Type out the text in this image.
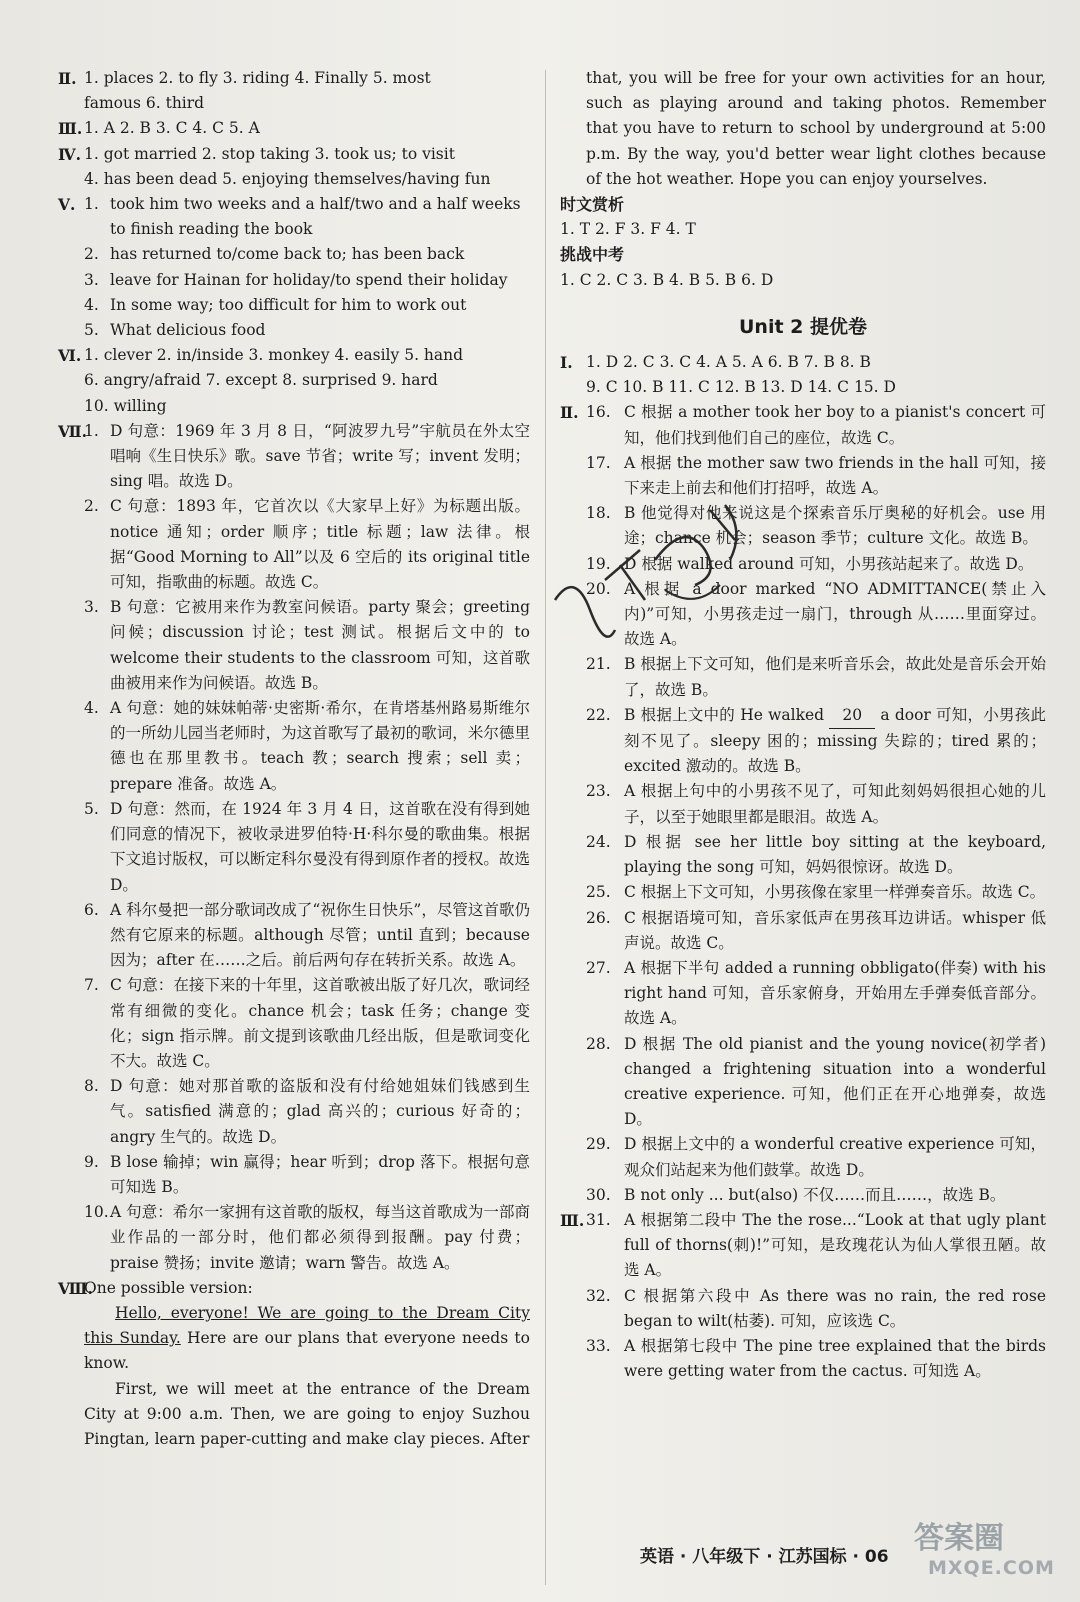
Ⅱ. 1. places 2. to fly 3. riding 4. Finally 5. most
famous 6. third
Ⅲ. 1. A 2. B 3. C 4. C 5. A
Ⅳ. 1. got married 2. stop taking 3. took us; to visit
4. has been dead 5. enjoying themselves/having fun
Ⅴ. 1. took him two weeks and a half/two and a half weeks
to finish reading the book
2. has returned to/come back to; has been back
3. leave for Hainan for holiday/to spend their holiday
4. In some way; too difficult for him to work out
5. What delicious food
Ⅵ. 1. clever 2. in/inside 3. monkey 4. easily 5. hand
6. angry/afraid 7. except 8. surprised 9. hard
10. willing
Ⅶ.
1. D 句意：1969 年 3 月 8 日，“阿波罗九号”宇航员在外太空唱响《生日快乐》歌。save 节省；write 写；invent 发明；sing 唱。故选 D。
2. C 句意：1893 年，它首次以《大家早上好》为标题出版。notice 通知；order 顺序；title 标题；law 法律。根据“Good Morning to All”以及 6 空后的 its original title 可知，指歌曲的标题。故选 C。
3. B 句意：它被用来作为教室问候语。party 聚会；greeting 问候；discussion 讨论；test 测试。根据后文中的 to welcome their students to the classroom 可知，这首歌曲被用来作为问候语。故选 B。
4. A 句意：她的妹妹帕蒂·史密斯·希尔，在肯塔基州路易斯维尔的一所幼儿园当老师时，为这首歌写了最初的歌词，米尔德里德也在那里教书。teach 教；search 搜索；sell 卖；prepare 准备。故选 A。
5. D 句意：然而，在 1924 年 3 月 4 日，这首歌在没有得到她们同意的情况下，被收录进罗伯特·H·科尔曼的歌曲集。根据下文追讨版权，可以断定科尔曼没有得到原作者的授权。故选 D。
6. A 科尔曼把一部分歌词改成了“祝你生日快乐”，尽管这首歌仍然有它原来的标题。although 尽管；until 直到；because 因为；after 在……之后。前后两句存在转折关系。故选 A。
7. C 句意：在接下来的十年里，这首歌被出版了好几次，歌词经常有细微的变化。chance 机会；task 任务；change 变化；sign 指示牌。前文提到该歌曲几经出版，但是歌词变化不大。故选 C。
8. D 句意：她对那首歌的盗版和没有付给她姐妹们钱感到生气。satisfied 满意的；glad 高兴的；curious 好奇的；angry 生气的。故选 D。
9. B lose 输掉；win 赢得；hear 听到；drop 落下。根据句意可知选 B。
10. A 句意：希尔一家拥有这首歌的版权，每当这首歌成为一部商业作品的一部分时，他们都必须得到报酬。pay 付费；praise 赞扬；invite 邀请；warn 警告。故选 A。
Ⅷ.
One possible version:

Hello, everyone! We are going to the Dream City this Sunday. Here are our plans that everyone needs to know.

First, we will meet at the entrance of the Dream City at 9:00 a.m. Then, we are going to enjoy Suzhou Pingtan, learn paper-cutting and make clay pieces. After

that, you will be free for your own activities for an hour, such as playing around and taking photos. Remember that you have to return to school by underground at 5:00 p.m. By the way, you'd better wear light clothes because of the hot weather. Hope you can enjoy yourselves.
时文赏析
1. T 2. F 3. F 4. T
挑战中考
1. C 2. C 3. B 4. B 5. B 6. D
Unit 2 提优卷
Ⅰ. 1. D 2. C 3. C 4. A 5. A 6. B 7. B 8. B
9. C 10. B 11. C 12. B 13. D 14. C 15. D
Ⅱ. 16. C 根据 a mother took her boy to a pianist's concert 可知，他们找到他们自己的座位，故选 C。
17. A 根据 the mother saw two friends in the hall 可知，接下来走上前去和他们打招呼，故选 A。
18. B 他觉得对他来说这是个探索音乐厅奥秘的好机会。use 用途；chance 机会；season 季节；culture 文化。故选 B。
19. D 根据 walked around 可知，小男孩站起来了。故选 D。
20. A 根据 a door marked “NO ADMITTANCE(禁止入内)”可知，小男孩走过一扇门，through 从……里面穿过。故选 A。
21. B 根据上下文可知，他们是来听音乐会，故此处是音乐会开始了，故选 B。
22. B 根据上文中的 He walked 20 a door 可知，小男孩此刻不见了。sleepy 困的；missing 失踪的；tired 累的；excited 激动的。故选 B。
23. A 根据上句中的小男孩不见了，可知此刻妈妈很担心她的儿子，以至于她眼里都是眼泪。故选 A。
24. D 根据 see her little boy sitting at the keyboard, playing the song 可知，妈妈很惊讶。故选 D。
25. C 根据上下文可知，小男孩像在家里一样弹奏音乐。故选 C。
26. C 根据语境可知，音乐家低声在男孩耳边讲话。whisper 低声说。故选 C。
27. A 根据下半句 added a running obbligato(伴奏) with his right hand 可知，音乐家俯身，开始用左手弹奏低音部分。故选 A。
28. D 根据 The old pianist and the young novice(初学者) changed a frightening situation into a wonderful creative experience. 可知，他们正在开心地弹奏，故选 D。
29. D 根据上文中的 a wonderful creative experience 可知，观众们站起来为他们鼓掌。故选 D。
30. B not only ... but(also) 不仅……而且……，故选 B。
Ⅲ. 31. A 根据第二段中 The the rose...“Look at that ugly plant full of thorns(刺)!”可知，是玫瑰花认为仙人掌很丑陋。故选 A。
32. C 根据第六段中 As there was no rain, the red rose began to wilt(枯萎). 可知，应该选 C。
33. A 根据第七段中 The pine tree explained that the birds were getting water from the cactus. 可知选 A。
英语 · 八年级下 · 江苏国标 · 06
答案圈
MXQE.COM
